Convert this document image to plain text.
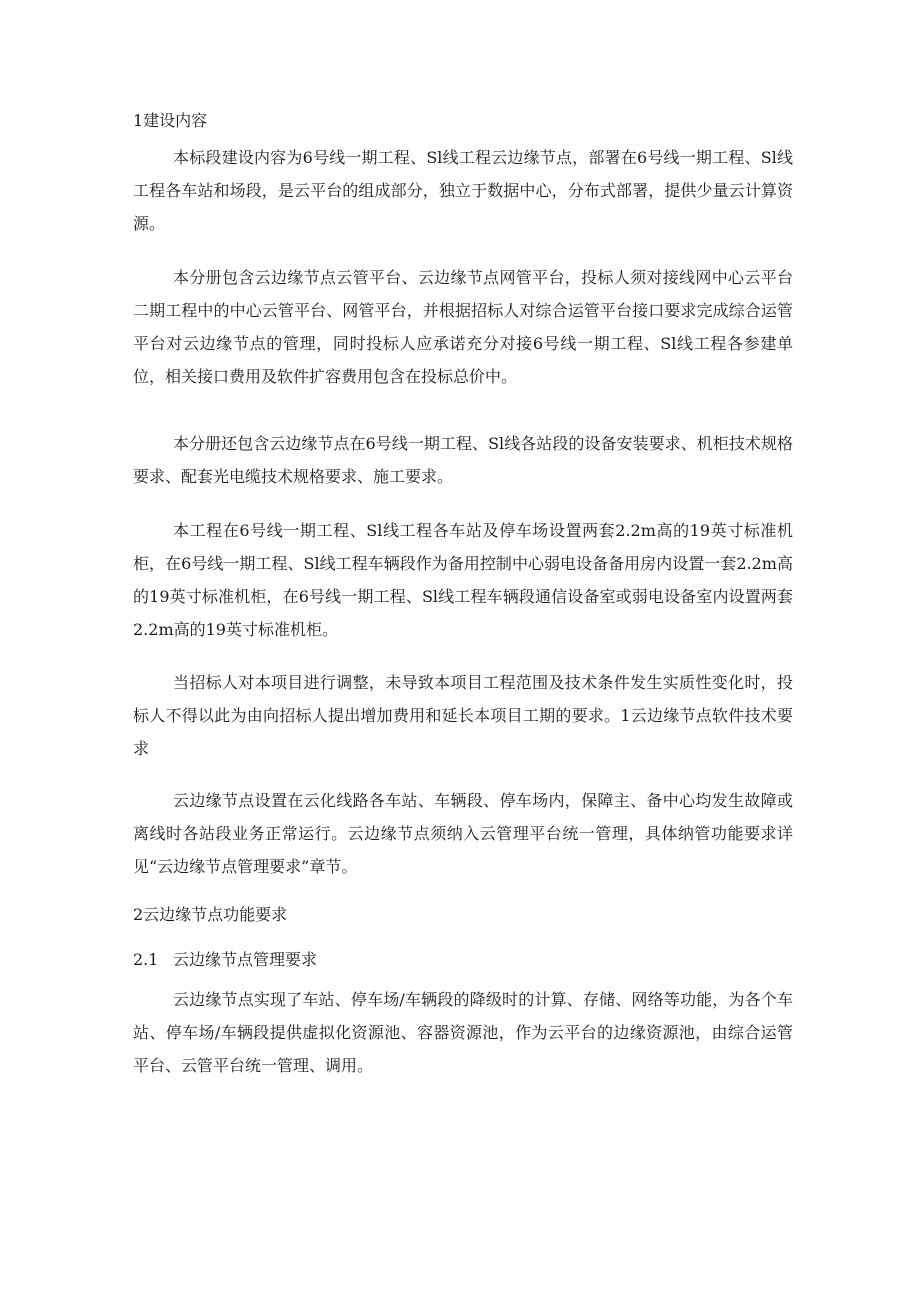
1建设内容

本标段建设内容为6号线一期工程、Sl线工程云边缘节点，部署在6号线一期工程、Sl线工程各车站和场段，是云平台的组成部分，独立于数据中心，分布式部署，提供少量云计算资源。

本分册包含云边缘节点云管平台、云边缘节点网管平台，投标人须对接线网中心云平台二期工程中的中心云管平台、网管平台，并根据招标人对综合运管平台接口要求完成综合运管平台对云边缘节点的管理，同时投标人应承诺充分对接6号线一期工程、Sl线工程各参建单位，相关接口费用及软件扩容费用包含在投标总价中。

本分册还包含云边缘节点在6号线一期工程、Sl线各站段的设备安装要求、机柜技术规格要求、配套光电缆技术规格要求、施工要求。

本工程在6号线一期工程、Sl线工程各车站及停车场设置两套2.2m高的19英寸标准机柜，在6号线一期工程、Sl线工程车辆段作为备用控制中心弱电设备备用房内设置一套2.2m高的19英寸标准机柜，在6号线一期工程、Sl线工程车辆段通信设备室或弱电设备室内设置两套2.2m高的19英寸标准机柜。

当招标人对本项目进行调整，未导致本项目工程范围及技术条件发生实质性变化时，投标人不得以此为由向招标人提出增加费用和延长本项目工期的要求。1云边缘节点软件技术要求

云边缘节点设置在云化线路各车站、车辆段、停车场内，保障主、备中心均发生故障或离线时各站段业务正常运行。云边缘节点须纳入云管理平台统一管理，具体纳管功能要求详见“云边缘节点管理要求”章节。

2云边缘节点功能要求
2.1 云边缘节点管理要求

云边缘节点实现了车站、停车场/车辆段的降级时的计算、存储、网络等功能，为各个车站、停车场/车辆段提供虚拟化资源池、容器资源池，作为云平台的边缘资源池，由综合运管平台、云管平台统一管理、调用。
